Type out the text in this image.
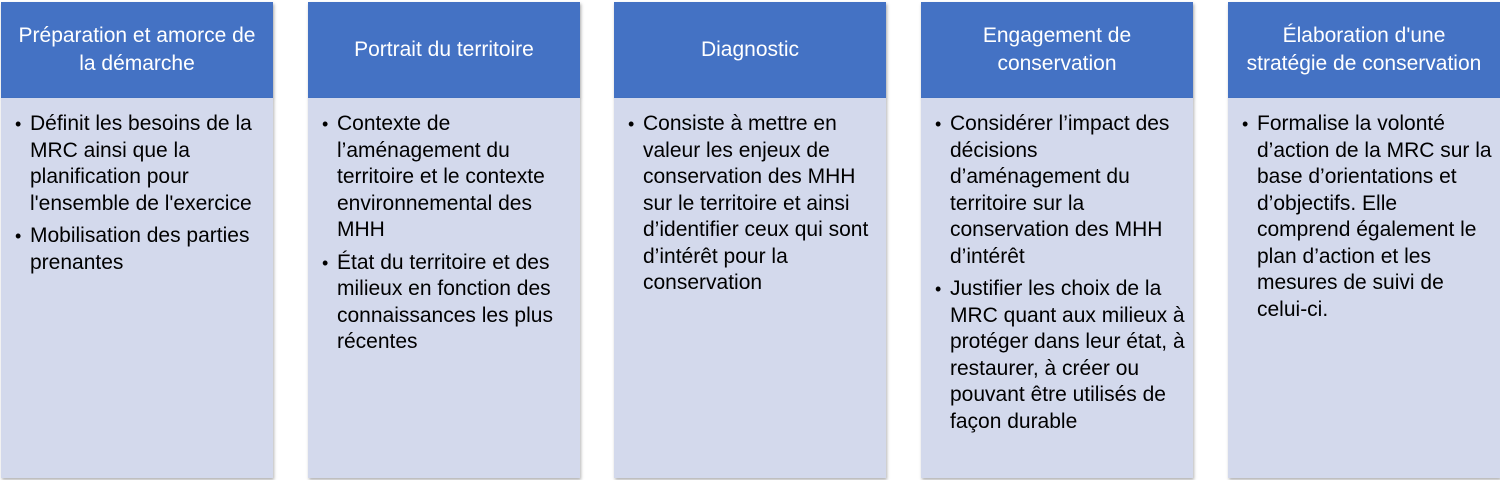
Préparation et amorce de la démarche
• Définit les besoins de la MRC ainsi que la planification pour l'ensemble de l'exercice
• Mobilisation des parties prenantes
Portrait du territoire
• Contexte de l’aménagement du territoire et le contexte environnemental des MHH
• État du territoire et des milieux en fonction des connaissances les plus récentes
Diagnostic
• Consiste à mettre en valeur les enjeux de conservation des MHH sur le territoire et ainsi d’identifier ceux qui sont d’intérêt pour la conservation
Engagement de conservation
• Considérer l’impact des décisions d’aménagement du territoire sur la conservation des MHH d’intérêt
• Justifier les choix de la MRC quant aux milieux à protéger dans leur état, à restaurer, à créer ou pouvant être utilisés de façon durable
Élaboration d'une stratégie de conservation
• Formalise la volonté d’action de la MRC sur la base d’orientations et d’objectifs. Elle comprend également le plan d’action et les mesures de suivi de celui-ci.
